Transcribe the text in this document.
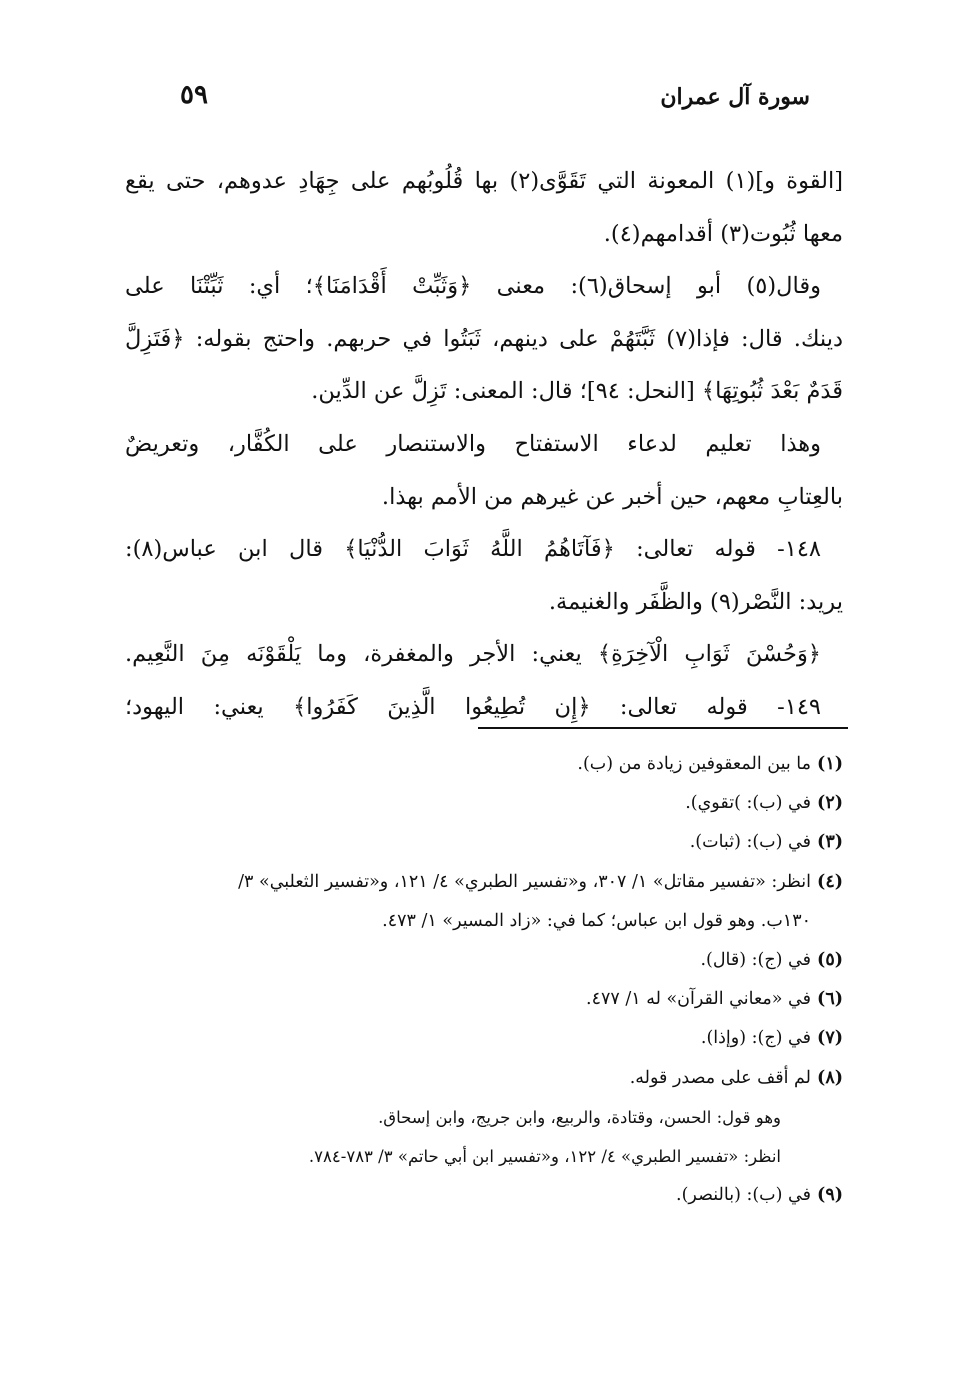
سورة آل عمران
٥٩

[القوة و](١) المعونة التي تَقَوَّى(٢) بها قُلُوبُهم على جِهَادِ عدوهم، حتى يقع

معها ثُبُوت(٣) أقدامهم(٤).

وقال(٥) أبو إسحاق(٦): معنى ﴿وَثَبِّتْ أَقْدَامَنَا﴾؛ أي: ثَبِّتْنَا على

دينك. قال: فإذا(٧) ثَبَّتَهُمْ على دينهم، ثَبَتُوا في حربهم. واحتج بقوله: ﴿فَتَزِلَّ

قَدَمٌ بَعْدَ ثُبُوتِهَا﴾ [النحل: ٩٤]؛ قال: المعنى: تَزِلَّ عن الدِّين.

وهذا تعليم لدعاء الاستفتاح والاستنصار على الكُفَّار، وتعريضٌ

بالعِتابِ معهم، حين أخبر عن غيرهم من الأمم بهذا.

١٤٨- قوله تعالى: ﴿فَآتَاهُمُ اللَّهُ ثَوَابَ الدُّنْيَا﴾ قال ابن عباس(٨):

يريد: النَّصْر(٩) والظَّفَر والغنيمة.

﴿وَحُسْنَ ثَوَابِ الْآخِرَةِ﴾ يعني: الأجر والمغفرة، وما يَلْقَوْنَه مِنَ النَّعِيم.

١٤٩- قوله تعالى: ﴿إِن تُطِيعُوا الَّذِينَ كَفَرُوا﴾ يعني: اليهود؛

(١)
ما بين المعقوفين زيادة من (ب).
(٢)
في (ب): )تقوي).
(٣)
في (ب): (ثبات).
(٤)
انظر: «تفسير مقاتل» ١/ ٣٠٧، و«تفسير الطبري» ٤/ ١٢١، و«تفسير الثعلبي» ٣/
١٣٠ب. وهو قول ابن عباس؛ كما في: «زاد المسير» ١/ ٤٧٣.
(٥)
في (ج): (قال).
(٦)
في «معاني القرآن» له ١/ ٤٧٧.
(٧)
في (ج): (وإذا).
(٨)
لم أقف على مصدر قوله.
وهو قول: الحسن، وقتادة، والربيع، وابن جريج، وابن إسحاق.
انظر: «تفسير الطبري» ٤/ ١٢٢، و«تفسير ابن أبي حاتم» ٣/ ٧٨٣-٧٨٤.
(٩)
في (ب): (بالنصر).
